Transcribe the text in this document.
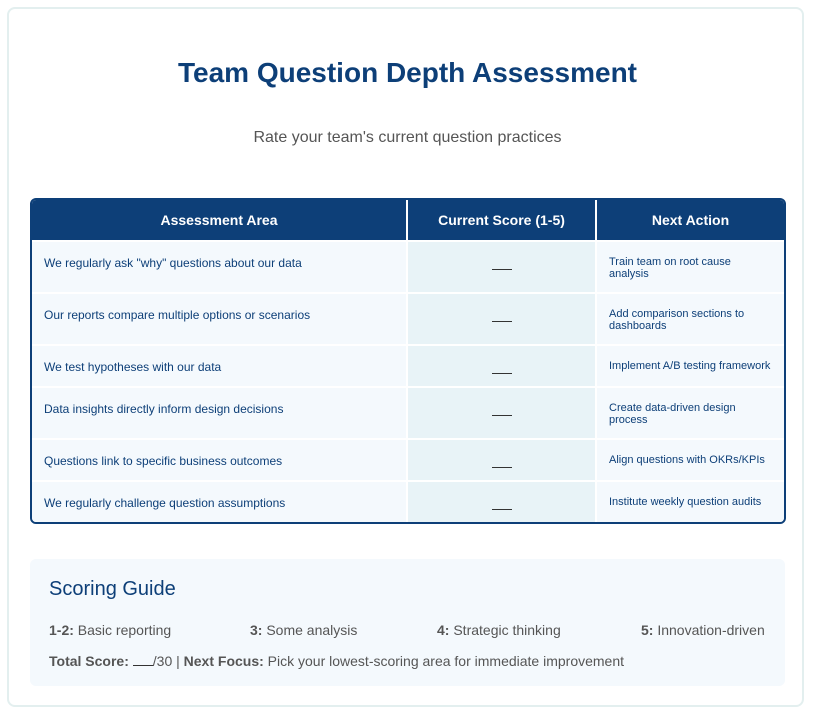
Team Question Depth Assessment
Rate your team's current question practices
Assessment Area	Current Score (1-5)	Next Action
We regularly ask "why" questions about our data		Train team on root cause analysis
Our reports compare multiple options or scenarios		Add comparison sections to dashboards
We test hypotheses with our data		Implement A/B testing framework
Data insights directly inform design decisions		Create data-driven design process
Questions link to specific business outcomes		Align questions with OKRs/KPIs
We regularly challenge question assumptions		Institute weekly question audits
Scoring Guide
1-2: Basic reporting	3: Some analysis	4: Strategic thinking	5: Innovation-driven
Total Score: /30 | Next Focus: Pick your lowest-scoring area for immediate improvement
